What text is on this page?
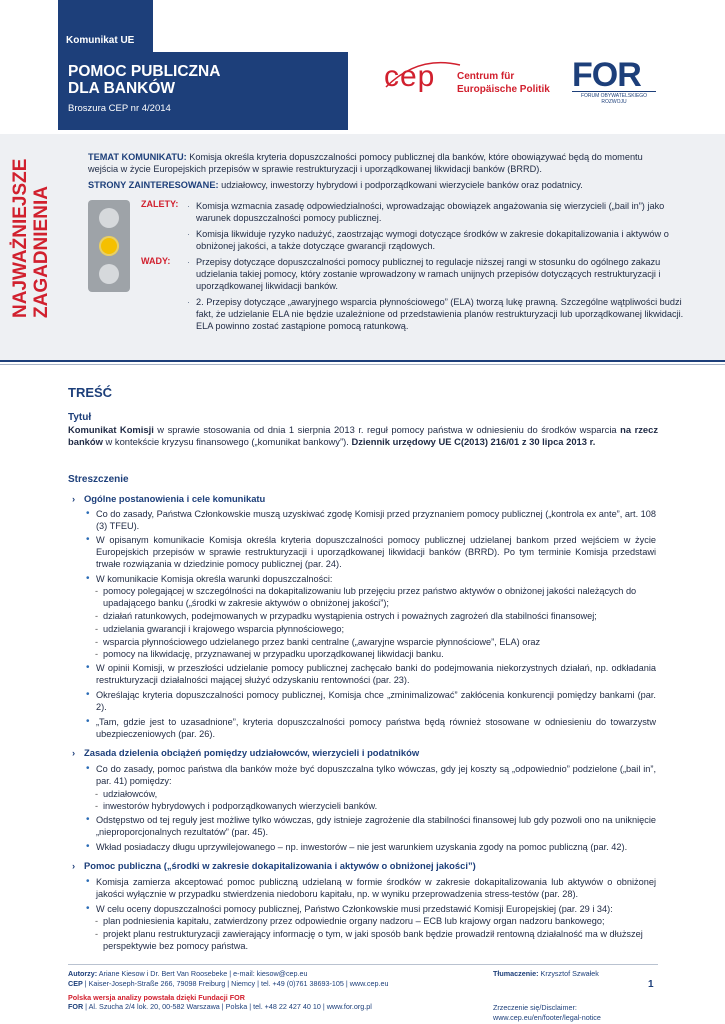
Komunikat UE
POMOC PUBLICZNA
DLA BANKÓW
Broszura CEP nr 4/2014
cep Centrum für
Europäische Politik FOR
FORUM OBYWATELSKIEGO ROZWOJU
NAJWAŻNIEJSZE ZAGADNIENIA
TEMAT KOMUNIKATU: Komisja określa kryteria dopuszczalności pomocy publicznej dla banków, które obowiązywać będą do momentu wejścia w życie Europejskich przepisów w sprawie restrukturyzacji i uporządkowanej likwidacji banków (BRRD).
STRONY ZAINTERESOWANE: udziałowcy, inwestorzy hybrydowi i podporządkowani wierzyciele banków oraz podatnicy.
ZALETY:
WADY:
· Komisja wzmacnia zasadę odpowiedzialności, wprowadzając obowiązek angażowania się wierzycieli („bail in”) jako warunek dopuszczalności pomocy publicznej.
· Komisja likwiduje ryzyko nadużyć, zaostrzając wymogi dotyczące środków w zakresie dokapitalizowania i aktywów o obniżonej jakości, a także dotyczące gwarancji rządowych.
· Przepisy dotyczące dopuszczalności pomocy publicznej to regulacje niższej rangi w stosunku do ogólnego zakazu udzielania takiej pomocy, który zostanie wprowadzony w ramach unijnych przepisów dotyczących restrukturyzacji i uporządkowanej likwidacji banków.
· 2. Przepisy dotyczące „awaryjnego wsparcia płynnościowego” (ELA) tworzą lukę prawną. Szczególne wątpliwości budzi fakt, że udzielanie ELA nie będzie uzależnione od przedstawienia planów restrukturyzacji lub uporządkowanej likwidacji. ELA powinno zostać zastąpione pomocą ratunkową.
TREŚĆ
Tytuł
Komunikat Komisji w sprawie stosowania od dnia 1 sierpnia 2013 r. reguł pomocy państwa w odniesieniu do środków wsparcia na rzecz banków w kontekście kryzysu finansowego („komunikat bankowy”). Dziennik urzędowy UE C(2013) 216/01 z 30 lipca 2013 r.
Streszczenie
› Ogólne postanowienia i cele komunikatu
• Co do zasady, Państwa Członkowskie muszą uzyskiwać zgodę Komisji przed przyznaniem pomocy publicznej („kontrola ex ante”, art. 108 (3) TFEU).
• W opisanym komunikacie Komisja określa kryteria dopuszczalności pomocy publicznej udzielanej bankom przed wejściem w życie Europejskich przepisów w sprawie restrukturyzacji i uporządkowanej likwidacji banków (BRRD). Po tym terminie Komisja przedstawi trwałe rozwiązania w dziedzinie pomocy publicznej (par. 24).
• W komunikacie Komisja określa warunki dopuszczalności:
- pomocy polegającej w szczególności na dokapitalizowaniu lub przejęciu przez państwo aktywów o obniżonej jakości należących do upadającego banku („środki w zakresie aktywów o obniżonej jakości”);
- działań ratunkowych, podejmowanych w przypadku wystąpienia ostrych i poważnych zagrożeń dla stabilności finansowej;
- udzielania gwarancji i krajowego wsparcia płynnościowego;
- wsparcia płynnościowego udzielanego przez banki centralne („awaryjne wsparcie płynnościowe”, ELA) oraz
- pomocy na likwidację, przyznawanej w przypadku uporządkowanej likwidacji banku.
• W opinii Komisji, w przeszłości udzielanie pomocy publicznej zachęcało banki do podejmowania niekorzystnych działań, np. odkładania restrukturyzacji działalności mającej służyć odzyskaniu rentowności (par. 23).
• Określając kryteria dopuszczalności pomocy publicznej, Komisja chce „zminimalizować” zakłócenia konkurencji pomiędzy bankami (par. 2).
• „Tam, gdzie jest to uzasadnione”, kryteria dopuszczalności pomocy państwa będą również stosowane w odniesieniu do towarzystw ubezpieczeniowych (par. 26).
› Zasada dzielenia obciążeń pomiędzy udziałowców, wierzycieli i podatników
• Co do zasady, pomoc państwa dla banków może być dopuszczalna tylko wówczas, gdy jej koszty są „odpowiednio” podzielone („bail in”, par. 41) pomiędzy:
- udziałowców,
- inwestorów hybrydowych i podporządkowanych wierzycieli banków.
• Odstępstwo od tej reguły jest możliwe tylko wówczas, gdy istnieje zagrożenie dla stabilności finansowej lub gdy pozwoli ono na uniknięcie „nieproporcjonalnych rezultatów” (par. 45).
• Wkład posiadaczy długu uprzywilejowanego – np. inwestorów – nie jest warunkiem uzyskania zgody na pomoc publiczną (par. 42).
› Pomoc publiczna („środki w zakresie dokapitalizowania i aktywów o obniżonej jakości”)
• Komisja zamierza akceptować pomoc publiczną udzielaną w formie środków w zakresie dokapitalizowania lub aktywów o obniżonej jakości wyłącznie w przypadku stwierdzenia niedoboru kapitału, np. w wyniku przeprowadzenia stress-testów (par. 28).
• W celu oceny dopuszczalności pomocy publicznej, Państwo Członkowskie musi przedstawić Komisji Europejskiej (par. 29 i 34):
- plan podniesienia kapitału, zatwierdzony przez odpowiednie organy nadzoru – ECB lub krajowy organ nadzoru bankowego;
- projekt planu restrukturyzacji zawierający informację o tym, w jaki sposób bank będzie prowadził rentowną działalność ma w dłuższej perspektywie bez pomocy państwa.
Autorzy: Ariane Kiesow i Dr. Bert Van Roosebeke | e-mail: kiesow@cep.eu
CEP | Kaiser-Joseph-Straße 266, 79098 Freiburg | Niemcy | tel. +49 (0)761 38693-105 | www.cep.eu
Polska wersja analizy powstała dzięki Fundacji FOR
FOR | Al. Szucha 2/4 lok. 20, 00-582 Warszawa | Polska | tel. +48 22 427 40 10 | www.for.org.pl
Tłumaczenie: Krzysztof Szwałek
Zrzeczenie się/Disclaimer:
www.cep.eu/en/footer/legal-notice
1
